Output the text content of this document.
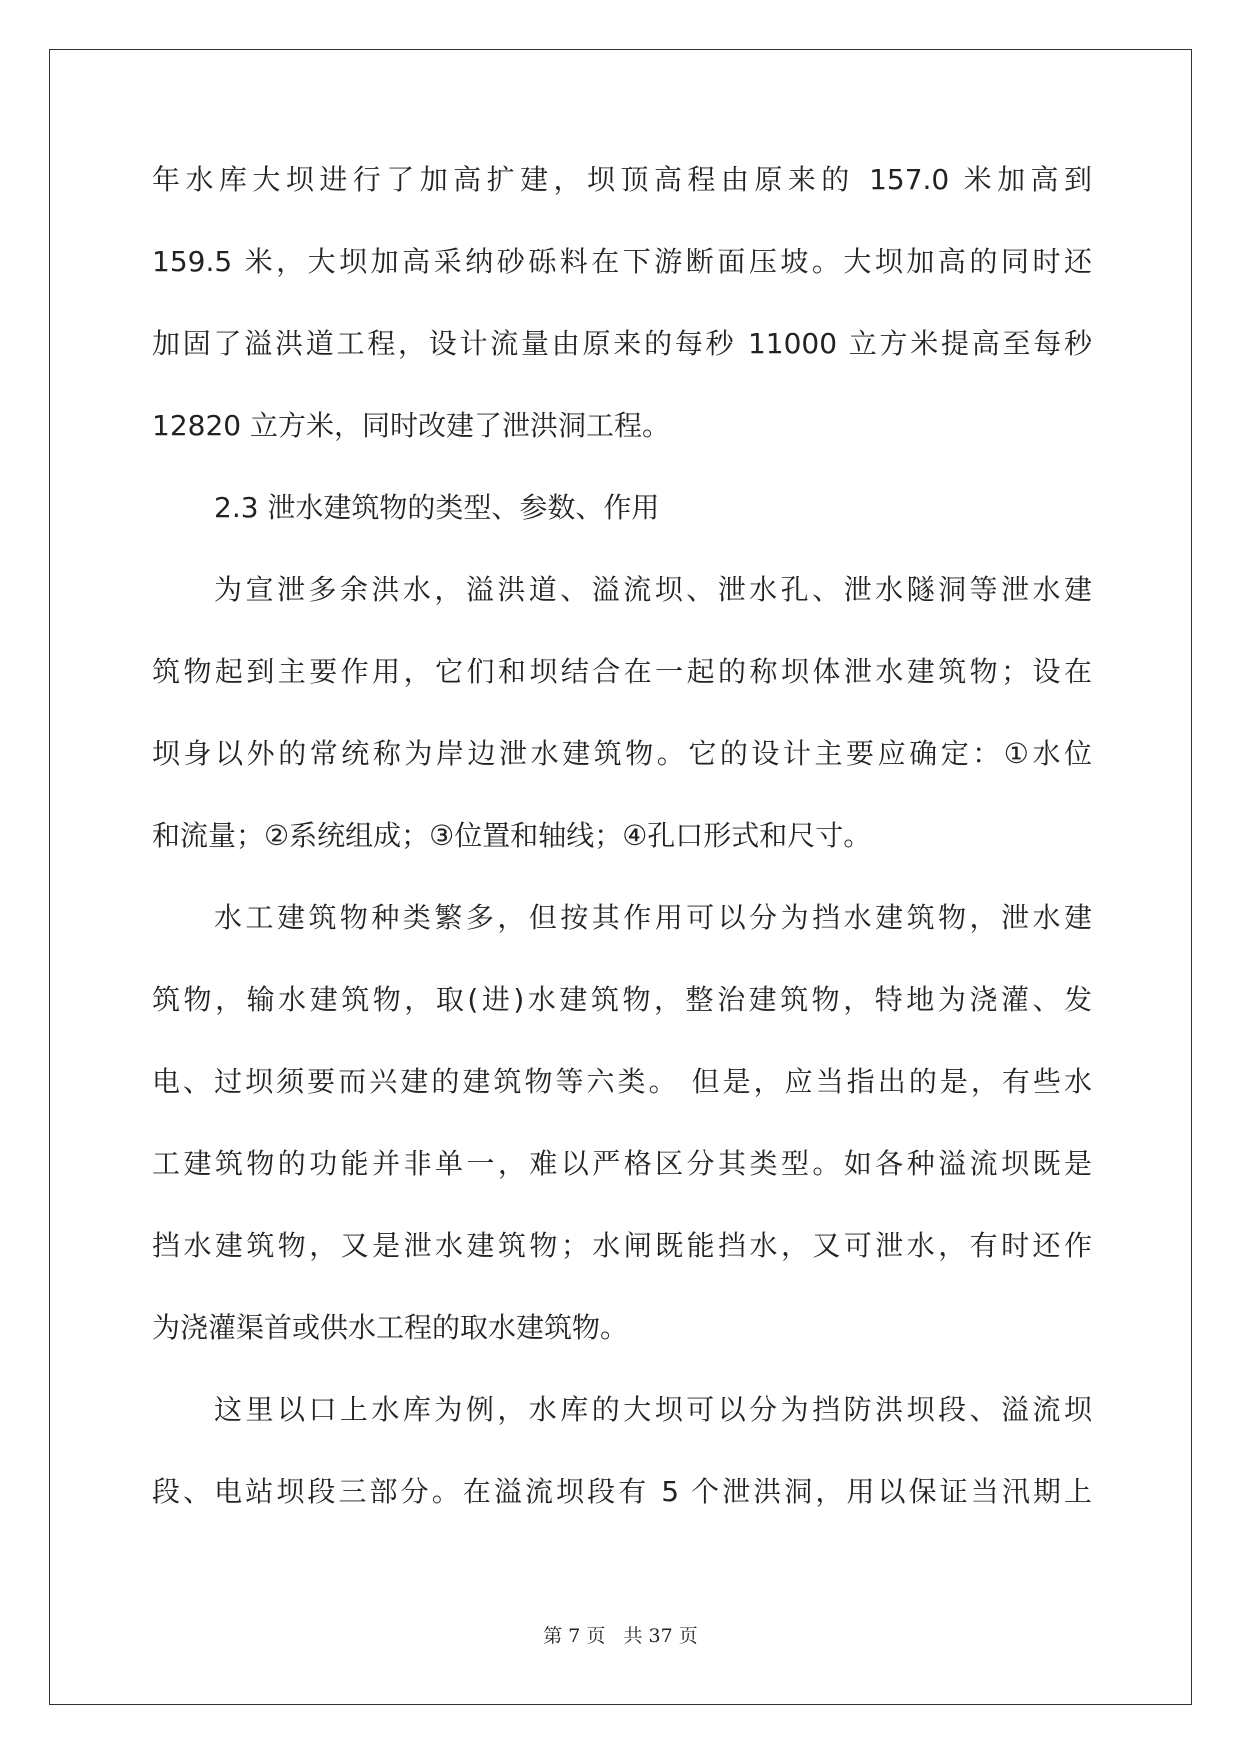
年水库大坝进行了加高扩建，坝顶高程由原来的 157.0 米加高到
159.5 米，大坝加高采纳砂砾料在下游断面压坡。大坝加高的同时还
加固了溢洪道工程，设计流量由原来的每秒 11000 立方米提高至每秒
12820 立方米，同时改建了泄洪洞工程。
2.3 泄水建筑物的类型、参数、作用
为宣泄多余洪水，溢洪道、溢流坝、泄水孔、泄水隧洞等泄水建
筑物起到主要作用，它们和坝结合在一起的称坝体泄水建筑物；设在
坝身以外的常统称为岸边泄水建筑物。它的设计主要应确定：①水位
和流量；②系统组成；③位置和轴线；④孔口形式和尺寸。
水工建筑物种类繁多，但按其作用可以分为挡水建筑物，泄水建
筑物，输水建筑物，取(进)水建筑物，整治建筑物，特地为浇灌、发
电、过坝须要而兴建的建筑物等六类。 但是，应当指出的是，有些水
工建筑物的功能并非单一，难以严格区分其类型。如各种溢流坝既是
挡水建筑物，又是泄水建筑物；水闸既能挡水，又可泄水，有时还作
为浇灌渠首或供水工程的取水建筑物。
这里以口上水库为例，水库的大坝可以分为挡防洪坝段、溢流坝
段、电站坝段三部分。在溢流坝段有 5 个泄洪洞，用以保证当汛期上
第 7 页 共 37 页
